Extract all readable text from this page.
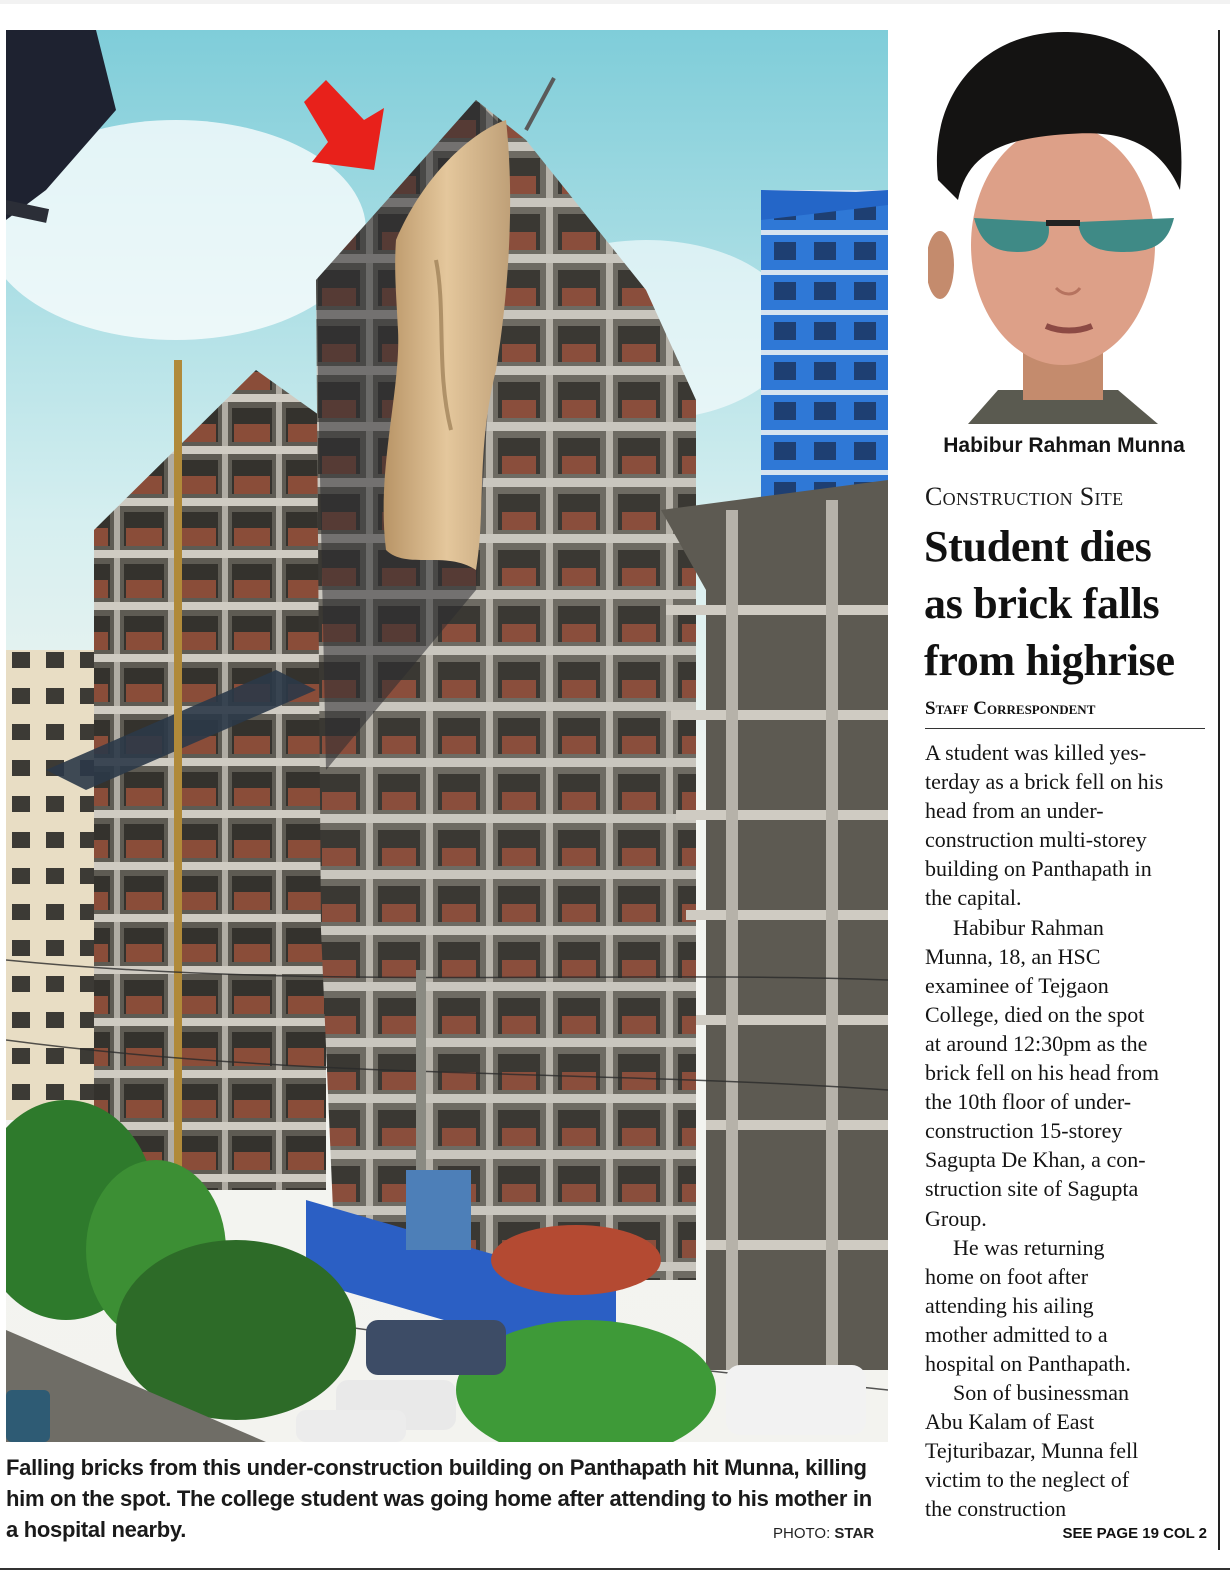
Falling bricks from this under-construction building on Panthapath hit Munna, killing
him on the spot. The college student was going home after attending to his mother in
a hospital nearby.	PHOTO: STAR
Habibur Rahman Munna
Construction Site
Student dies
as brick falls
from highrise
Staff Correspondent
A student was killed yes-
terday as a brick fell on his
head from an under-
construction multi-storey
building on Panthapath in
the capital.
Habibur Rahman
Munna, 18, an HSC
examinee of Tejgaon
College, died on the spot
at around 12:30pm as the
brick fell on his head from
the 10th floor of under-
construction 15-storey
Sagupta De Khan, a con-
struction site of Sagupta
Group.
He was returning
home on foot after
attending his ailing
mother admitted to a
hospital on Panthapath.
Son of businessman
Abu Kalam of East
Tejturibazar, Munna fell
victim to the neglect of
the construction
SEE PAGE 19 COL 2
